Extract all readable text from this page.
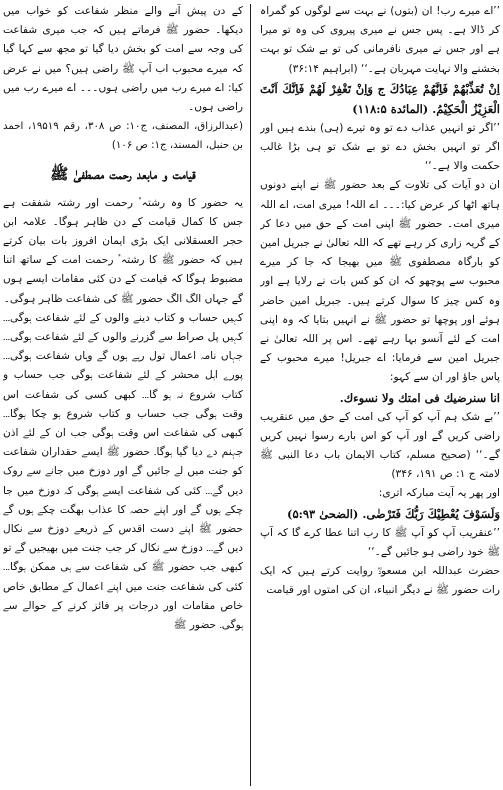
’’اے میرے رب! ان (بتوں) نے بہت سے لوگوں کو گمراہ کر ڈالا ہے۔ پس جس نے میری پیروی کی وہ تو میرا ہے اور جس نے میری نافرمانی کی تو بے شک تو بہت بخشنے والا نہایت مہربان ہے۔‘‘ (ابراہیم ۳۶:۱۴)

اِنْ تُعَذِّبْهُمْ فَاِنَّهُمْ عِبَادُكَ ج وَاِنْ تَغْفِرْ لَهُمْ فَاِنَّكَ اَنْتَ الْعَزِيْزُ الْحَكِيْمُ. (المائدة ۱۱۸:۵)

’’اگر تو انہیں عذاب دے تو وہ تیرے (ہی) بندے ہیں اور اگر تو انہیں بخش دے تو بے شک تو ہی بڑا غالب حکمت والا ہے۔‘‘

ان دو آیات کی تلاوت کے بعد حضور ﷺ نے اپنے دونوں ہاتھ اٹھا کر عرض کیا:۔۔۔ اے اللہ! میری امت، اے اللہ میری امت۔ حضور ﷺ اپنی امت کے حق میں دعا کر کے گریہ زاری کر رہے تھے کہ اللہ تعالیٰ نے جبریل امین کو بارگاہ مصطفوی ﷺ میں بھیجا کہ جا کر میرے محبوب سے پوچھو کہ ان کو کس بات نے رلایا ہے اور وہ کس چیز کا سوال کرتے ہیں۔ جبریل امین حاضر ہوئے اور پوچھا تو حضور ﷺ نے انہیں بتایا کہ وہ اپنی امت کے لئے آنسو بہا رہے تھے۔ اس پر اللہ تعالیٰ نے جبریل امین سے فرمایا: اے جبریل! میرے محبوب کے پاس جاؤ اور ان سے کہو:

انا سنرضيك فى امتك ولا نسوءك.

’’بے شک ہم آپ کو آپ کی امت کے حق میں عنقریب راضی کریں گے اور آپ کو اس بارے رسوا نہیں کریں گے۔‘‘ (صحیح مسلم، کتاب الایمان باب دعا النبی ﷺ لامتہ ج ۱: ص ۱۹۱، ۳۴۶)

اور پھر یہ آیت مبارکہ اتری:

وَلَسَوْفَ يُعْطِيْكَ رَبُّكَ فَتَرْضٰى. (الضحیٰ ۵:۹۳)

’’عنقریب آپ کو آپ ﷺ کا رب اتنا عطا کرے گا کہ آپ ﷺ خود راضی ہو جائیں گے۔‘‘

حضرت عبداللہ ابن مسعودؓ روایت کرتے ہیں کہ ایک رات حضور ﷺ نے دیگر انبیاء، ان کی امتوں اور قیامت

کے دن پیش آنے والے منظر شفاعت کو خواب میں دیکھا۔ حضور ﷺ فرماتے ہیں کہ جب میری شفاعت کی وجہ سے امت کو بخش دیا گیا تو مجھ سے کہا گیا کہ میرے محبوب اب آپ ﷺ راضی ہیں؟ میں نے عرض کیا: اے میرے رب میں راضی ہوں۔۔۔ اے میرے رب میں راضی ہوں۔

(عبدالرزاق، المصنف، ج۱۰: ص ۳۰۸، رقم ۱۹۵۱۹، احمد بن حنبل، المسند، ج۱: ص ۱۰۶)

قیامت و مابعد رحمت مصطفیٰ ﷺ

یہ حضور کا وہ رشتہٴ رحمت اور رشتہ شفقت ہے جس کا کمال قیامت کے دن ظاہر ہوگا۔ علامہ ابن حجر العسقلانی ایک بڑی ایمان افروز بات بیان کرتے ہیں کہ حضور ﷺ کا رشتہٴ رحمت امت کے ساتھ اتنا مضبوط ہوگا کہ قیامت کے دن کئی مقامات ایسے ہوں گے جہاں الگ الگ حضور ﷺ کی شفاعت ظاہر ہوگی۔

کہیں حساب و کتاب دینے والوں کے لئے شفاعت ہوگی۔۔۔ کہیں پل صراط سے گزرنے والوں کے لئے شفاعت ہوگی۔۔۔ جہاں نامہ اعمال تول رہے ہوں گے وہاں شفاعت ہوگی۔۔۔ پورے اہل محشر کے لئے شفاعت ہوگی جب حساب و کتاب شروع نہ ہو گا۔۔۔ کبھی کسی کی شفاعت اس وقت ہوگی جب حساب و کتاب شروع ہو چکا ہوگا۔۔۔ کبھی کی شفاعت اس وقت ہوگی جب ان کے لئے اذن جہنم دے دیا گیا ہوگا۔ حضور ﷺ ایسے حقداران شفاعت کو جنت میں لے جائیں گے اور دوزخ میں جانے سے روک دیں گے۔۔۔ کئی کی شفاعت ایسے ہوگی کہ دوزخ میں جا چکے ہوں گے اور اپنے حصہ کا عذاب بھگت چکے ہوں گے حضور ﷺ اپنے دست اقدس کے ذریعے دوزخ سے نکال دیں گے۔۔۔ دوزخ سے نکال کر جب جنت میں بھیجیں گے تو کبھی جب حضور ﷺ کی شفاعت سے ہی ممکن ہوگا۔۔۔ کئی کی شفاعت جنت میں اپنے اعمال کے مطابق خاص خاص مقامات اور درجات پر فائز کرنے کے حوالے سے ہوگی۔ حضور ﷺ
